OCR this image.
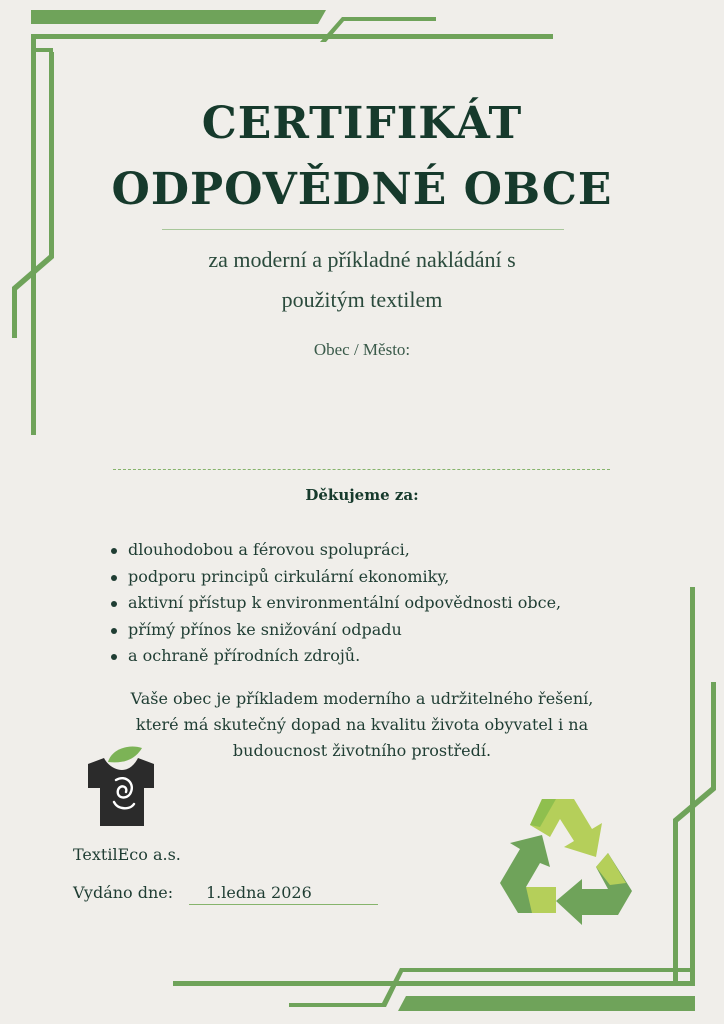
CERTIFIKÁT
ODPOVĚDNÉ OBCE
za moderní a příkladné nakládání s
použitým textilem
Obec / Město:
Děkujeme za:
dlouhodobou a férovou spolupráci,
podporu principů cirkulární ekonomiky,
aktivní přístup k environmentální odpovědnosti obce,
přímý přínos ke snižování odpadu
a ochraně přírodních zdrojů.
Vaše obec je příkladem moderního a udržitelného řešení,
které má skutečný dopad na kvalitu života obyvatel i na
budoucnost životního prostředí.
TextilEco a.s.
Vydáno dne:	1.ledna 2026
